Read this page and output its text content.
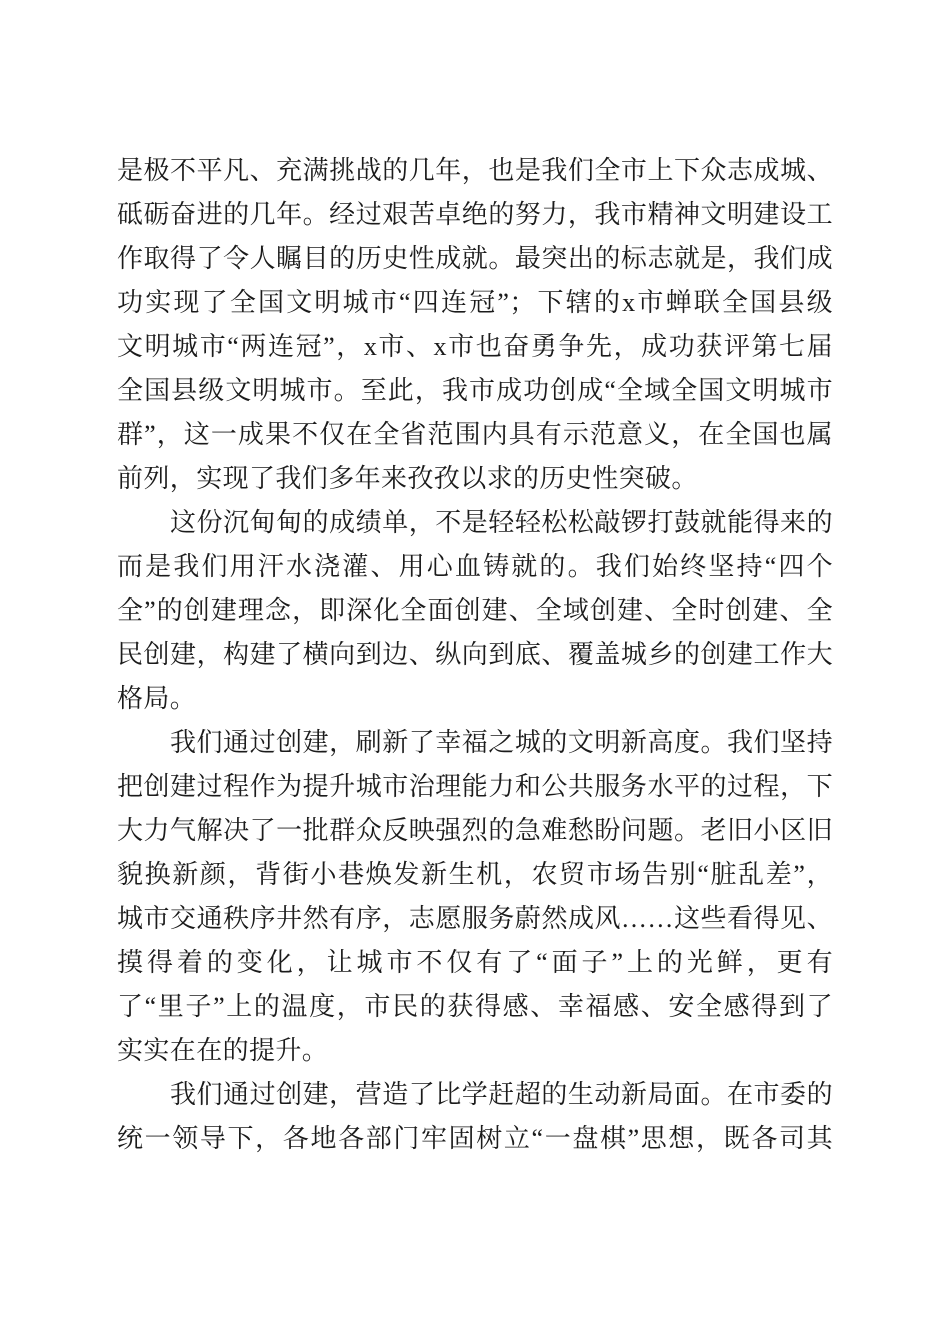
是极不平凡、充满挑战的几年，也是我们全市上下众志成城、
砥砺奋进的几年。经过艰苦卓绝的努力，我市精神文明建设工
作取得了令人瞩目的历史性成就。最突出的标志就是，我们成
功实现了全国文明城市“四连冠”；下辖的x市蝉联全国县级
文明城市“两连冠”，x市、x市也奋勇争先，成功获评第七届
全国县级文明城市。至此，我市成功创成“全域全国文明城市
群”，这一成果不仅在全省范围内具有示范意义，在全国也属
前列，实现了我们多年来孜孜以求的历史性突破。
这份沉甸甸的成绩单，不是轻轻松松敲锣打鼓就能得来的
而是我们用汗水浇灌、用心血铸就的。我们始终坚持“四个
全”的创建理念，即深化全面创建、全域创建、全时创建、全
民创建，构建了横向到边、纵向到底、覆盖城乡的创建工作大
格局。
我们通过创建，刷新了幸福之城的文明新高度。我们坚持
把创建过程作为提升城市治理能力和公共服务水平的过程，下
大力气解决了一批群众反映强烈的急难愁盼问题。老旧小区旧
貌换新颜，背街小巷焕发新生机，农贸市场告别“脏乱差”，
城市交通秩序井然有序，志愿服务蔚然成风……这些看得见、
摸得着的变化，让城市不仅有了“面子”上的光鲜，更有
了“里子”上的温度，市民的获得感、幸福感、安全感得到了
实实在在的提升。
我们通过创建，营造了比学赶超的生动新局面。在市委的
统一领导下，各地各部门牢固树立“一盘棋”思想，既各司其
